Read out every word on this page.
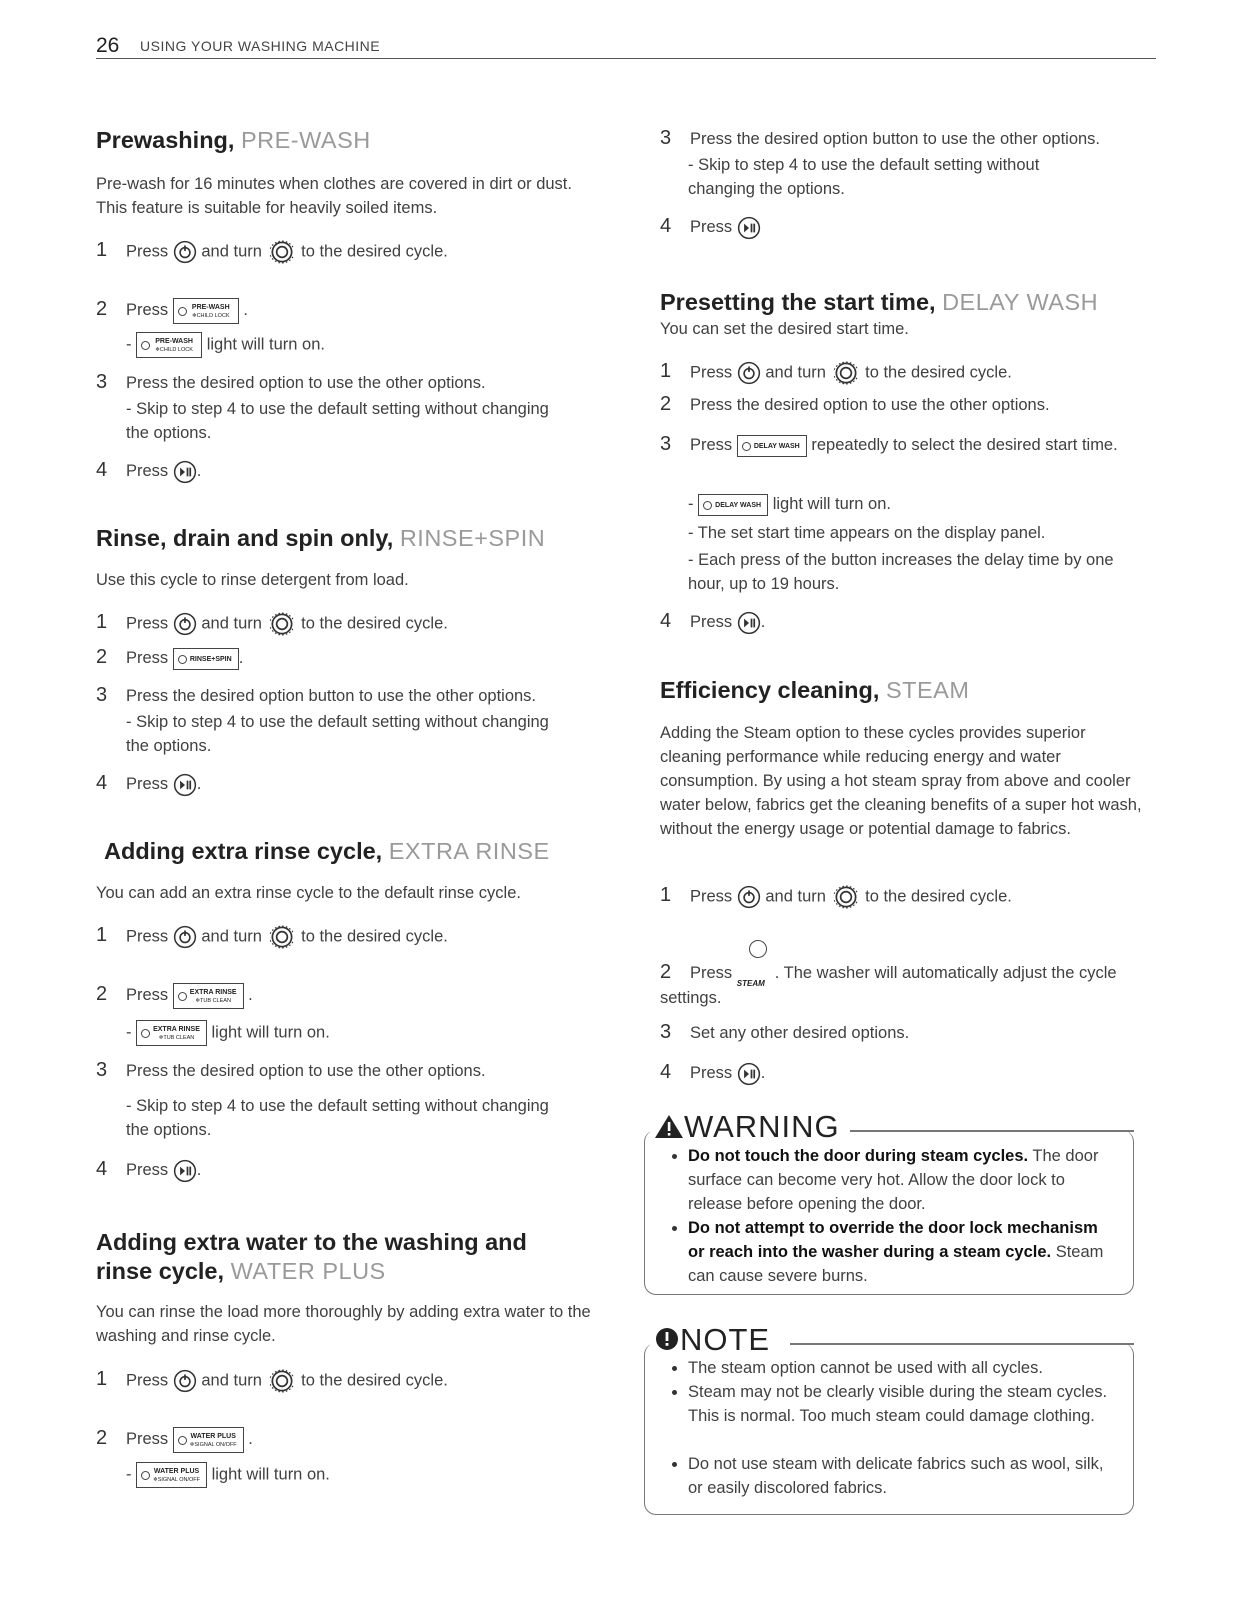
26 USING YOUR WASHING MACHINE
Prewashing, PRE-WASH

Pre-wash for 16 minutes when clothes are covered in dirt or dust. This feature is suitable for heavily soiled items.

1 Press and turn to the desired cycle.
2 Press	PRE-WASH
❄CHILD LOCK .
-	PRE-WASH
❄CHILD LOCK light will turn on.
3 Press the desired option to use the other options.
- Skip to step 4 to use the default setting without changing the options.
4 Press .
Rinse, drain and spin only, RINSE+SPIN

Use this cycle to rinse detergent from load.

1 Press and turn to the desired cycle.
2 Press	RINSE+SPIN .
3 Press the desired option button to use the other options.
- Skip to step 4 to use the default setting without changing the options.
4 Press .
Adding extra rinse cycle, EXTRA RINSE

You can add an extra rinse cycle to the default rinse cycle.

1 Press and turn to the desired cycle.
2 Press	EXTRA RINSE
❄TUB CLEAN .
- EXTRA RINSE
❄TUB CLEAN	light will turn on.
3 Press the desired option to use the other options.
- Skip to step 4 to use the default setting without changing the options.
4 Press .
Adding extra water to the washing and
rinse cycle, WATER PLUS

You can rinse the load more thoroughly by adding extra water to the washing and rinse cycle.

1 Press and turn to the desired cycle.
2 Press	WATER PLUS
❄SIGNAL ON/OFF .
-	WATER PLUS
❄SIGNAL ON/OFF light will turn on.
3 Press the desired option button to use the other options.
- Skip to step 4 to use the default setting without changing the options.
4 Press
Presetting the start time, DELAY WASH

You can set the desired start time.

1 Press and turn to the desired cycle.
2 Press the desired option to use the other options.
3 Press	DELAY WASH repeatedly to select the desired start time.
- DELAY WASH light will turn on.
- The set start time appears on the display panel.
- Each press of the button increases the delay time by one hour, up to 19 hours.
4 Press .
Efficiency cleaning, STEAM

Adding the Steam option to these cycles provides superior cleaning performance while reducing energy and water consumption. By using a hot steam spray from above and cooler water below, fabrics get the cleaning benefits of a super hot wash, without the energy usage or potential damage to fabrics.

1 Press and turn to the desired cycle.
2 Press
STEAM
. The washer will automatically adjust the cycle settings.
3 Set any other desired options.
4 Press .
WARNING
Do not touch the door during steam cycles. The door surface can become very hot. Allow the door lock to release before opening the door.
Do not attempt to override the door lock mechanism or reach into the washer during a steam cycle. Steam can cause severe burns.
NOTE
The steam option cannot be used with all cycles.
Steam may not be clearly visible during the steam cycles. This is normal. Too much steam could damage clothing.
Do not use steam with delicate fabrics such as wool, silk, or easily discolored fabrics.
